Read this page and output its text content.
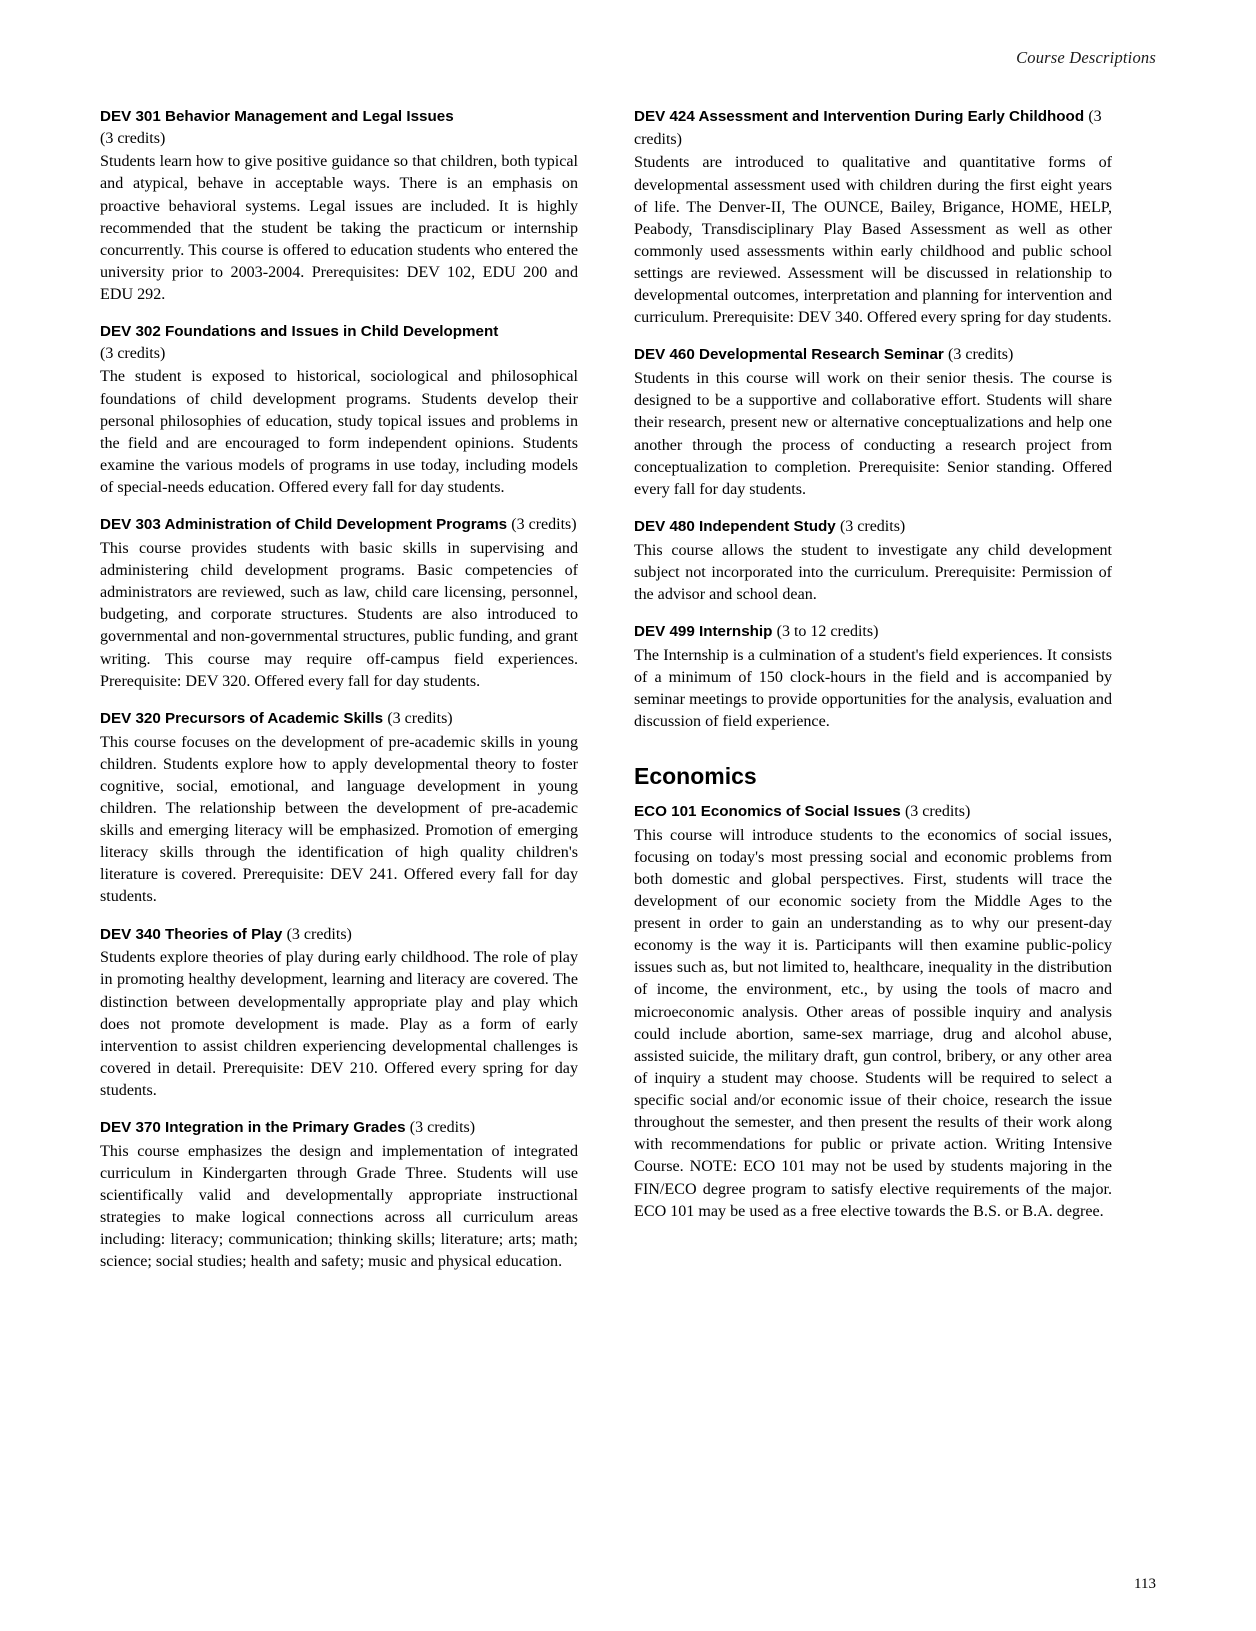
Course Descriptions
DEV 301 Behavior Management and Legal Issues
(3 credits)

Students learn how to give positive guidance so that children, both typical and atypical, behave in acceptable ways. There is an emphasis on proactive behavioral systems. Legal issues are included. It is highly recommended that the student be taking the practicum or internship concurrently. This course is offered to education students who entered the university prior to 2003-2004. Prerequisites: DEV 102, EDU 200 and EDU 292.

DEV 302 Foundations and Issues in Child Development
(3 credits)

The student is exposed to historical, sociological and philosophical foundations of child development programs. Students develop their personal philosophies of education, study topical issues and problems in the field and are encouraged to form independent opinions. Students examine the various models of programs in use today, including models of special-needs education. Offered every fall for day students.

DEV 303 Administration of Child Development Programs (3 credits)

This course provides students with basic skills in supervising and administering child development programs. Basic competencies of administrators are reviewed, such as law, child care licensing, personnel, budgeting, and corporate structures. Students are also introduced to governmental and non-governmental structures, public funding, and grant writing. This course may require off-campus field experiences. Prerequisite: DEV 320. Offered every fall for day students.

DEV 320 Precursors of Academic Skills (3 credits)

This course focuses on the development of pre-academic skills in young children. Students explore how to apply developmental theory to foster cognitive, social, emotional, and language development in young children. The relationship between the development of pre-academic skills and emerging literacy will be emphasized. Promotion of emerging literacy skills through the identification of high quality children's literature is covered. Prerequisite: DEV 241. Offered every fall for day students.

DEV 340 Theories of Play (3 credits)

Students explore theories of play during early childhood. The role of play in promoting healthy development, learning and literacy are covered. The distinction between developmentally appropriate play and play which does not promote development is made. Play as a form of early intervention to assist children experiencing developmental challenges is covered in detail. Prerequisite: DEV 210. Offered every spring for day students.

DEV 370 Integration in the Primary Grades (3 credits)

This course emphasizes the design and implementation of integrated curriculum in Kindergarten through Grade Three. Students will use scientifically valid and developmentally appropriate instructional strategies to make logical connections across all curriculum areas including: literacy; communication; thinking skills; literature; arts; math; science; social studies; health and safety; music and physical education.

DEV 424 Assessment and Intervention During Early Childhood (3 credits)

Students are introduced to qualitative and quantitative forms of developmental assessment used with children during the first eight years of life. The Denver-II, The OUNCE, Bailey, Brigance, HOME, HELP, Peabody, Transdisciplinary Play Based Assessment as well as other commonly used assessments within early childhood and public school settings are reviewed. Assessment will be discussed in relationship to developmental outcomes, interpretation and planning for intervention and curriculum. Prerequisite: DEV 340. Offered every spring for day students.

DEV 460 Developmental Research Seminar (3 credits)

Students in this course will work on their senior thesis. The course is designed to be a supportive and collaborative effort. Students will share their research, present new or alternative conceptualizations and help one another through the process of conducting a research project from conceptualization to completion. Prerequisite: Senior standing. Offered every fall for day students.

DEV 480 Independent Study (3 credits)

This course allows the student to investigate any child development subject not incorporated into the curriculum. Prerequisite: Permission of the advisor and school dean.

DEV 499 Internship (3 to 12 credits)

The Internship is a culmination of a student's field experiences. It consists of a minimum of 150 clock-hours in the field and is accompanied by seminar meetings to provide opportunities for the analysis, evaluation and discussion of field experience.

Economics
ECO 101 Economics of Social Issues (3 credits)

This course will introduce students to the economics of social issues, focusing on today's most pressing social and economic problems from both domestic and global perspectives. First, students will trace the development of our economic society from the Middle Ages to the present in order to gain an understanding as to why our present-day economy is the way it is. Participants will then examine public-policy issues such as, but not limited to, healthcare, inequality in the distribution of income, the environment, etc., by using the tools of macro and microeconomic analysis. Other areas of possible inquiry and analysis could include abortion, same-sex marriage, drug and alcohol abuse, assisted suicide, the military draft, gun control, bribery, or any other area of inquiry a student may choose. Students will be required to select a specific social and/or economic issue of their choice, research the issue throughout the semester, and then present the results of their work along with recommendations for public or private action. Writing Intensive Course. NOTE: ECO 101 may not be used by students majoring in the FIN/ECO degree program to satisfy elective requirements of the major. ECO 101 may be used as a free elective towards the B.S. or B.A. degree.

113
